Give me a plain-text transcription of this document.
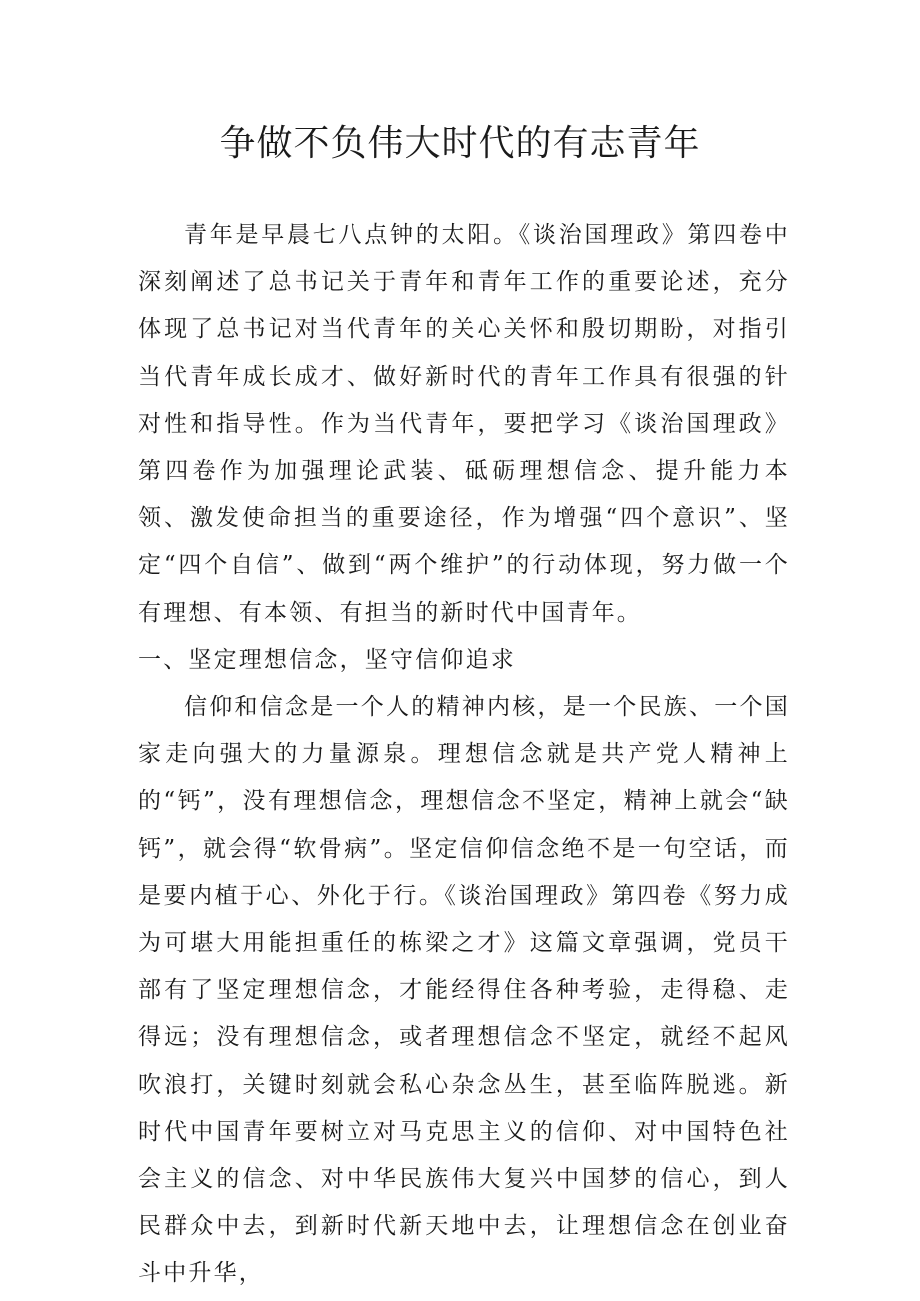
争做不负伟大时代的有志青年

青年是早晨七八点钟的太阳。《谈治国理政》第四卷中深刻阐述了总书记关于青年和青年工作的重要论述，充分体现了总书记对当代青年的关心关怀和殷切期盼，对指引当代青年成长成才、做好新时代的青年工作具有很强的针对性和指导性。作为当代青年，要把学习《谈治国理政》第四卷作为加强理论武装、砥砺理想信念、提升能力本领、激发使命担当的重要途径，作为增强“四个意识”、坚定“四个自信”、做到“两个维护”的行动体现，努力做一个有理想、有本领、有担当的新时代中国青年。

一、坚定理想信念，坚守信仰追求

信仰和信念是一个人的精神内核，是一个民族、一个国家走向强大的力量源泉。理想信念就是共产党人精神上的“钙”，没有理想信念，理想信念不坚定，精神上就会“缺钙”，就会得“软骨病”。坚定信仰信念绝不是一句空话，而是要内植于心、外化于行。《谈治国理政》第四卷《努力成为可堪大用能担重任的栋梁之才》这篇文章强调，党员干部有了坚定理想信念，才能经得住各种考验，走得稳、走得远；没有理想信念，或者理想信念不坚定，就经不起风吹浪打，关键时刻就会私心杂念丛生，甚至临阵脱逃。新时代中国青年要树立对马克思主义的信仰、对中国特色社会主义的信念、对中华民族伟大复兴中国梦的信心，到人民群众中去，到新时代新天地中去，让理想信念在创业奋斗中升华，
